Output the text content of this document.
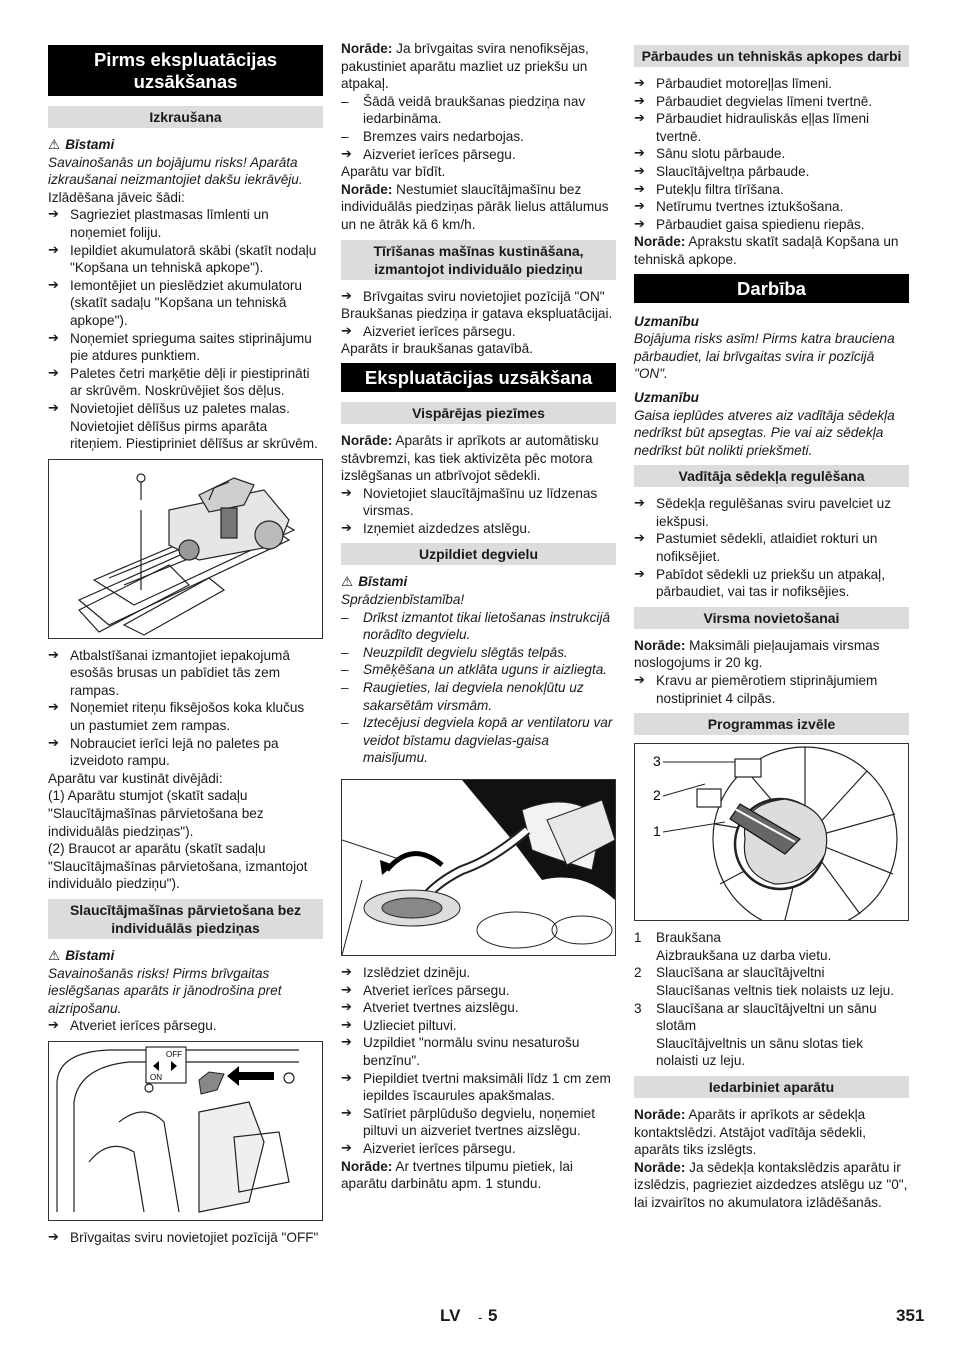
Pirms ekspluatācijas uzsākšanas
Izkraušana

⚠ Bīstami

Savainošanās un bojājumu risks! Aparāta izkraušanai neizmantojiet dakšu iekrāvēju.

Izlādēšana jāveic šādi:

➔ Sagrieziet plastmasas līmlenti un noņemiet foliju.

➔ Iepildiet akumulatorā skābi (skatīt nodaļu "Kopšana un tehniskā apkope").

➔ Iemontējiet un pieslēdziet akumulatoru (skatīt sadaļu "Kopšana un tehniskā apkope").

➔ Noņemiet sprieguma saites stiprinājumu pie atdures punktiem.

➔ Paletes četri marķētie dēļi ir piestiprināti ar skrūvēm. Noskrūvējiet šos dēļus.

➔ Novietojiet dēlīšus uz paletes malas. Novietojiet dēlīšus pirms aparāta riteņiem. Piestipriniet dēlīšus ar skrūvēm.

➔ Atbalstīšanai izmantojiet iepakojumā esošās brusas un pabīdiet tās zem rampas.

➔ Noņemiet riteņu fiksējošos koka klučus un pastumiet zem rampas.

➔ Nobrauciet ierīci lejā no paletes pa izveidoto rampu.

Aparātu var kustināt divējādi:

(1) Aparātu stumjot (skatīt sadaļu "Slaucītājmašīnas pārvietošana bez individuālās piedziņas").

(2) Braucot ar aparātu (skatīt sadaļu "Slaucītājmašīnas pārvietošana, izmantojot individuālo piedziņu").

Slaucītājmašīnas pārvietošana bez individuālās piedziņas

⚠ Bīstami

Savainošanās risks! Pirms brīvgaitas ieslēgšanas aparāts ir jānodrošina pret aizripošanu.

➔ Atveriet ierīces pārsegu.

OFF
ON

➔ Brīvgaitas sviru novietojiet pozīcijā "OFF"

Norāde: Ja brīvgaitas svira nenofiksējas, pakustiniet aparātu mazliet uz priekšu un atpakaļ.

– Šādā veidā braukšanas piedziņa nav iedarbināma.

– Bremzes vairs nedarbojas.

➔ Aizveriet ierīces pārsegu.

Aparātu var bīdīt.

Norāde: Nestumiet slaucītājmašīnu bez individuālās piedziņas pārāk lielus attālumus un ne ātrāk kā 6 km/h.

Tīrīšanas mašīnas kustināšana, izmantojot individuālo piedziņu

➔ Brīvgaitas sviru novietojiet pozīcijā "ON"

Braukšanas piedziņa ir gatava ekspluatācijai.

➔ Aizveriet ierīces pārsegu.

Aparāts ir braukšanas gatavībā.

Ekspluatācijas uzsākšana
Vispārējas piezīmes

Norāde: Aparāts ir aprīkots ar automātisku stāvbremzi, kas tiek aktivizēta pēc motora izslēgšanas un atbrīvojot sēdekli.

➔ Novietojiet slaucītājmašīnu uz līdzenas virsmas.

➔ Izņemiet aizdedzes atslēgu.

Uzpildiet degvielu

⚠ Bīstami

Sprādzienbīstamība!

– Drīkst izmantot tikai lietošanas instrukcijā norādīto degvielu.

– Neuzpildīt degvielu slēgtās telpās.

– Smēķēšana un atklāta uguns ir aizliegta.

– Raugieties, lai degviela nenokļūtu uz sakarsētām virsmām.

– Iztecējusi degviela kopā ar ventilatoru var veidot bīstamu dagvielas-gaisa maisījumu.

➔ Izslēdziet dzinēju.

➔ Atveriet ierīces pārsegu.

➔ Atveriet tvertnes aizslēgu.

➔ Uzlieciet piltuvi.

➔ Uzpildiet "normālu svinu nesaturošu benzīnu".

➔ Piepildiet tvertni maksimāli līdz 1 cm zem iepildes īscaurules apakšmalas.

➔ Satīriet pārplūdušo degvielu, noņemiet piltuvi un aizveriet tvertnes aizslēgu.

➔ Aizveriet ierīces pārsegu.

Norāde: Ar tvertnes tilpumu pietiek, lai aparātu darbinātu apm. 1 stundu.

Pārbaudes un tehniskās apkopes darbi

➔ Pārbaudiet motoreļļas līmeni.

➔ Pārbaudiet degvielas līmeni tvertnē.

➔ Pārbaudiet hidrauliskās eļļas līmeni tvertnē.

➔ Sānu slotu pārbaude.

➔ Slaucītājveltņa pārbaude.

➔ Putekļu filtra tīrīšana.

➔ Netīrumu tvertnes iztukšošana.

➔ Pārbaudiet gaisa spiedienu riepās.

Norāde: Aprakstu skatīt sadaļā Kopšana un tehniskā apkope.

Darbība

Uzmanību

Bojājuma risks asīm! Pirms katra brauciena pārbaudiet, lai brīvgaitas svira ir pozīcijā "ON".

Uzmanību

Gaisa ieplūdes atveres aiz vadītāja sēdekļa nedrīkst būt apsegtas. Pie vai aiz sēdekļa nedrīkst būt nolikti priekšmeti.

Vadītāja sēdekļa regulēšana

➔ Sēdekļa regulēšanas sviru pavelciet uz iekšpusi.

➔ Pastumiet sēdekli, atlaidiet rokturi un nofiksējiet.

➔ Pabīdot sēdekli uz priekšu un atpakaļ, pārbaudiet, vai tas ir nofiksējies.

Virsma novietošanai

Norāde: Maksimāli pieļaujamais virsmas noslogojums ir 20 kg.

➔ Kravu ar piemērotiem stiprinājumiem nostipriniet 4 cilpās.

Programmas izvēle
3
2
1

1 Braukšana

Aizbraukšana uz darba vietu.

2 Slaucīšana ar slaucītājveltni

Slaucīšanas veltnis tiek nolaists uz leju.

3 Slaucīšana ar slaucītājveltni un sānu slotām

Slaucītājveltnis un sānu slotas tiek nolaisti uz leju.

Iedarbiniet aparātu

Norāde: Aparāts ir aprīkots ar sēdekļa kontaktslēdzi. Atstājot vadītāja sēdekli, aparāts tiks izslēgts.

Norāde: Ja sēdekļa kontakslēdzis aparātu ir izslēdzis, pagrieziet aizdedzes atslēgu uz "0", lai izvairītos no akumulatora izlādēšanās.

LV - 5	351
